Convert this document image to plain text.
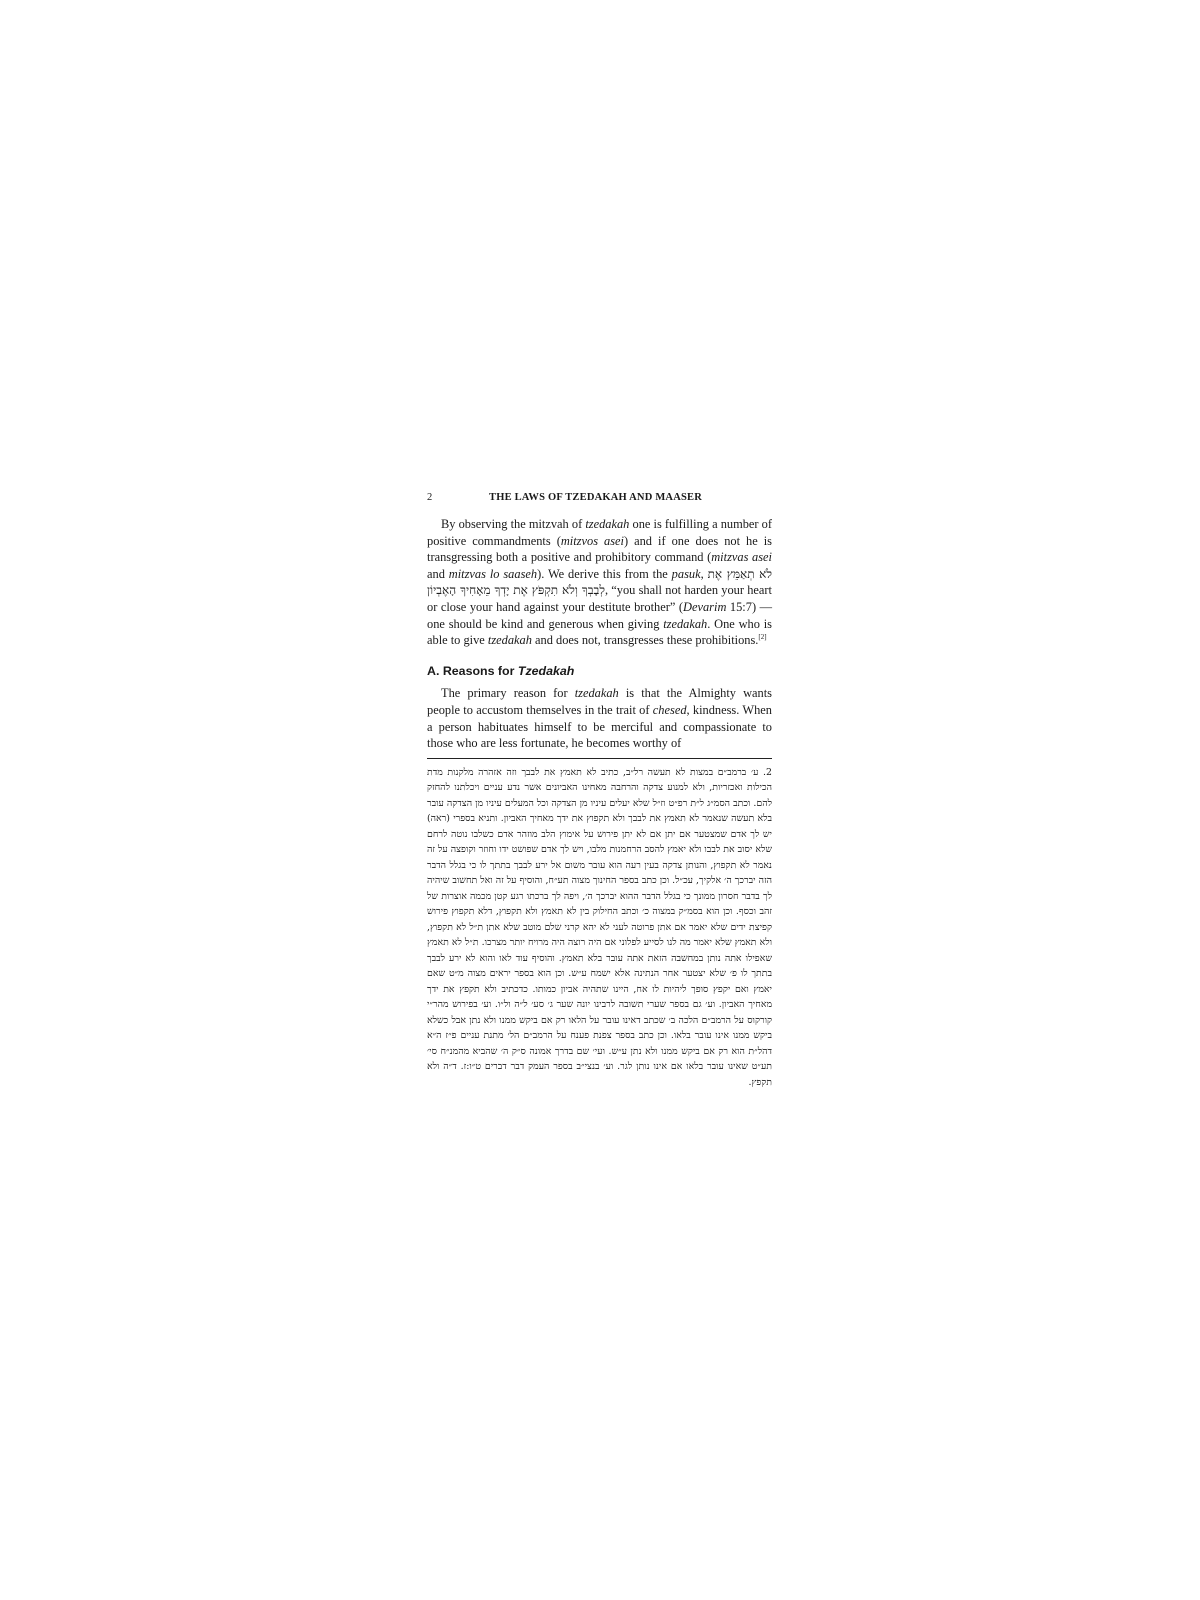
2	THE LAWS OF TZEDAKAH AND MAASER

By observing the mitzvah of tzedakah one is fulfilling a number of positive commandments (mitzvos asei) and if one does not he is transgressing both a positive and prohibitory command (mitzvas asei and mitzvas lo saaseh). We derive this from the pasuk, לֹא תְאַמֵּץ אֶת לְבָבְךָ וְלֹא תִקְפֹּץ אֶת יָדְךָ מֵאָחִיךָ הָאֶבְיוֹן, “you shall not harden your heart or close your hand against your destitute brother” (Devarim 15:7) — one should be kind and generous when giving tzedakah. One who is able to give tzedakah and does not, transgresses these prohibitions.[2]

A. Reasons for Tzedakah

The primary reason for tzedakah is that the Almighty wants people to accustom themselves in the trait of chesed, kindness. When a person habituates himself to be merciful and compassionate to those who are less fortunate, he becomes worthy of

2. ע׳ ברמב״ם במצות לא תעשה רל״ב, כתיב לא תאמץ את לבבך וזה אזהרה מלקנות מדת הכילות ואכזריות, ולא למנוע צדקה והרחבה מאחינו האביונים אשר נדע עניים ויכלתנו להחזק להם. וכתב הסמ״ג ל״ת רפ״ט וז״ל שלא יעלים עיניו מן הצדקה וכל המעלים עיניו מן הצדקה עובר בלא תעשה שנאמר לא תאמץ את לבבך ולא תקפוץ את ידך מאחיך האביון. ותניא בספרי (ראה) יש לך אדם שמצטער אם יתן אם לא יתן פירוש על אימוץ הלב מוזהר אדם כשלבו נוטה לרחם שלא יסוב את לבבו ולא יאמץ להסב הרחמנות מלבו, ויש לך אדם שפושט ידו וחוזר וקופצה על זה נאמר לא תקפוץ, והנותן צדקה בעין רעה הוא עובר משום אל ירע לבבך בתתך לו כי בגלל הדבר הזה יברכך ה׳ אלקיך, עכ״ל. וכן כתב בספר החינוך מצוה תע״ח, והוסיף על זה ואל תחשוב שיהיה לך בדבר חסרון ממונך כי בגלל הדבר ההוא יברכך ה׳, ויפה לך ברכתו רגע קטן מכמה אוצרות של זהב וכסף. וכן הוא בסמ״ק במצוה כ׳ וכתב החילוק בין לא תאמץ ולא תקפוץ, דלא תקפוץ פירוש קפיצת ידים שלא יאמר אם אתן פרוטה לעני לא יהא קרני שלם מוטב שלא אתן ת״ל לא תקפוץ, ולא תאמץ שלא יאמר מה לנו לסייע לפלוני אם היה רוצה היה מרויח יותר מצרכו. ת״ל לא תאמץ שאפילו אתה נותן במחשבה הזאת אתה עובר בלא תאמץ. והוסיף עוד לאו והוא לא ירע לבבך בתתך לו פ׳ שלא יצטער אחר הנתינה אלא ישמח ע״ש. וכן הוא בספר יראים מצוה מ״ט שאם יאמץ ואם יקפץ סופך ליהיות לו אח, היינו שתהיה אביון כמותו. כדכתיב ולא תקפץ את ידך מאחיך האביון. וע׳ גם בספר שערי תשובה לרבינו יונה שער ג׳ סע׳ ל״ה ול״ו. וע׳ בפירוש מהר״י קורקוס על הרמב״ם הלכה ב׳ שכתב דאינו עובר על הלאו רק אם ביקש ממנו ולא נתן אבל כשלא ביקש ממנו אינו עובר בלאו. וכן כתב בספר צפנת פענח על הרמב״ם הל׳ מתנת עניים פ״ז ה״א דהל״ת הוא רק אם ביקש ממנו ולא נתן ע״ש. ועי׳ שם בדרך אמונה ס״ק ה׳ שהביא מהמנ״ח סי׳ תע״ט שאינו עובר בלאו אם אינו נותן לגר. וע׳ בנצי״ב בספר העמק דבר דברים ט״ו:ז. ד״ה ולא תקפץ.
